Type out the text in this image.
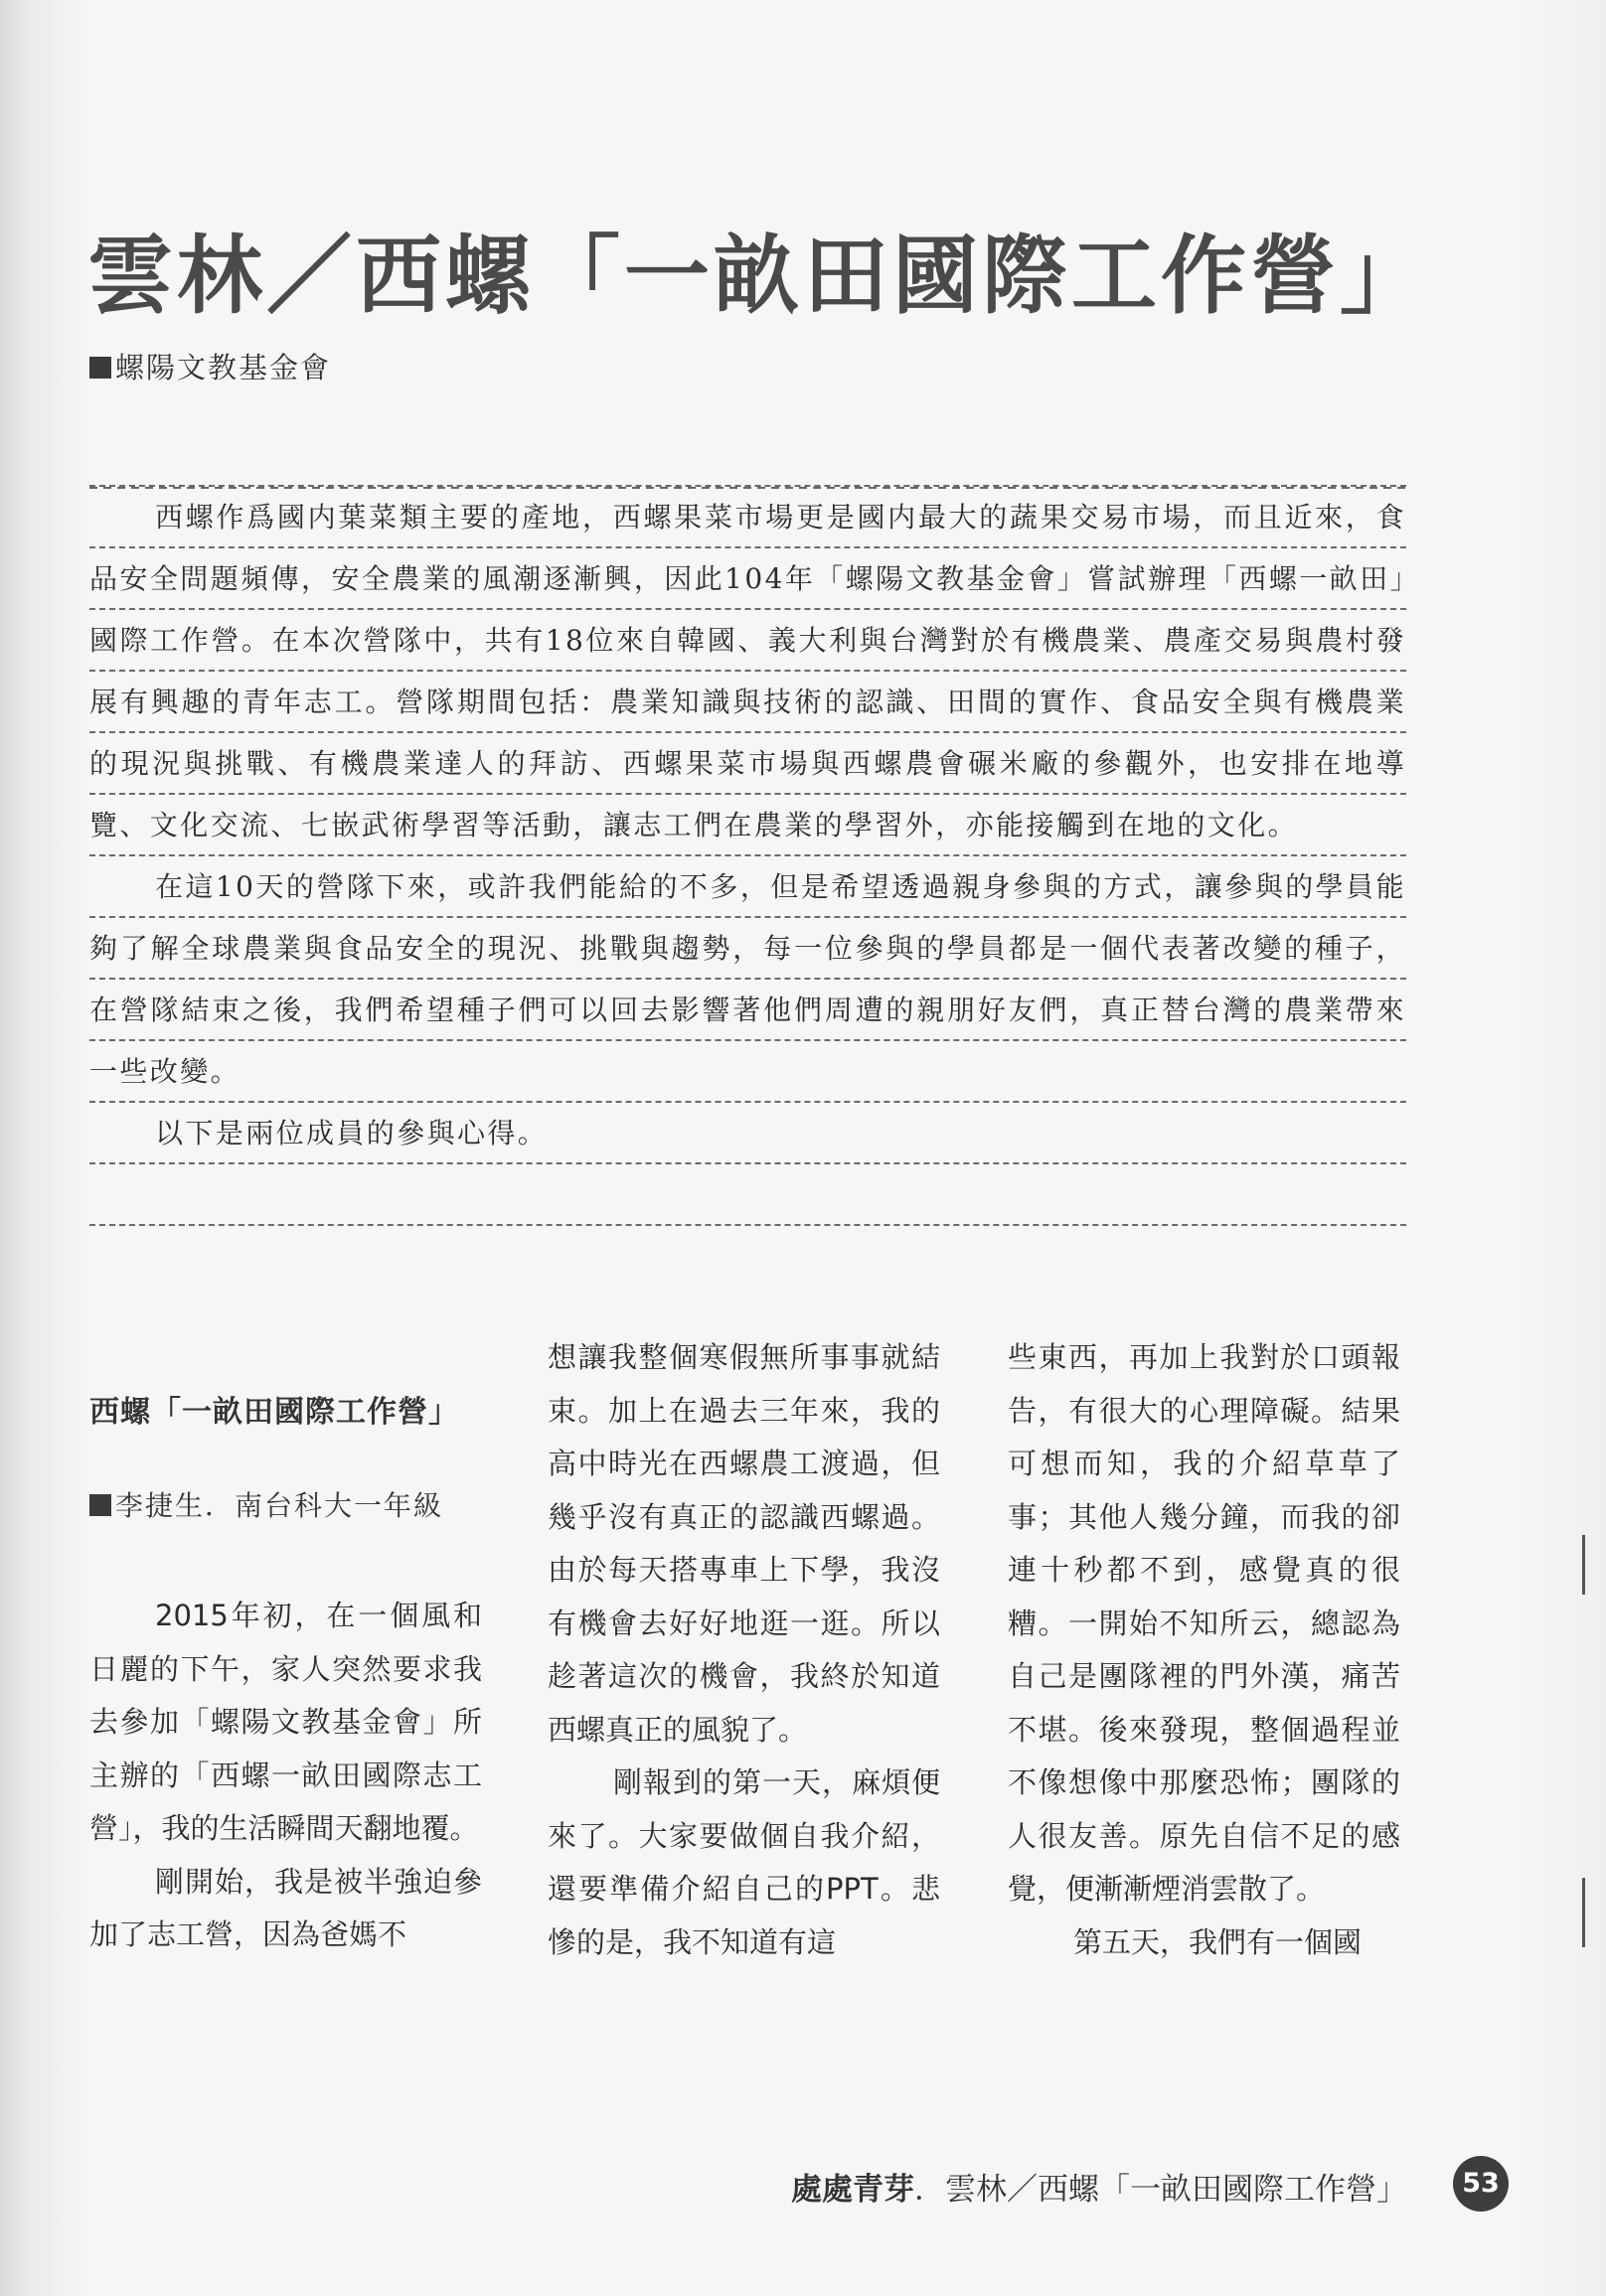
雲林／西螺「一畝田國際工作營」
螺陽文教基金會

西螺作爲國内葉菜類主要的產地，西螺果菜市場更是國内最大的蔬果交易市場，而且近來，食品安全問題頻傳，安全農業的風潮逐漸興，因此104年「螺陽文教基金會」嘗試辦理「西螺一畝田」國際工作營。在本次營隊中，共有18位來自韓國、義大利與台灣對於有機農業、農產交易與農村發展有興趣的青年志工。營隊期間包括：農業知識與技術的認識、田間的實作、食品安全與有機農業的現況與挑戰、有機農業達人的拜訪、西螺果菜市場與西螺農會碾米廠的參觀外，也安排在地導覽、文化交流、七嵌武術學習等活動，讓志工們在農業的學習外，亦能接觸到在地的文化。

在這10天的營隊下來，或許我們能給的不多，但是希望透過親身參與的方式，讓參與的學員能夠了解全球農業與食品安全的現況、挑戰與趨勢，每一位參與的學員都是一個代表著改變的種子，在營隊結束之後，我們希望種子們可以回去影響著他們周遭的親朋好友們，真正替台灣的農業帶來一些改變。

以下是兩位成員的參與心得。

西螺「一畝田國際工作營」
李捷生．南台科大一年級

2015年初，在一個風和日麗的下午，家人突然要求我去參加「螺陽文教基金會」所主辦的「西螺一畝田國際志工營」，我的生活瞬間天翻地覆。

剛開始，我是被半強迫參加了志工營，因為爸媽不

想讓我整個寒假無所事事就結束。加上在過去三年來，我的高中時光在西螺農工渡過，但幾乎沒有真正的認識西螺過。由於每天搭專車上下學，我沒有機會去好好地逛一逛。所以趁著這次的機會，我終於知道西螺真正的風貌了。

剛報到的第一天，麻煩便來了。大家要做個自我介紹，還要準備介紹自己的PPT。悲慘的是，我不知道有這

些東西，再加上我對於口頭報告，有很大的心理障礙。結果可想而知，我的介紹草草了事；其他人幾分鐘，而我的卻連十秒都不到，感覺真的很糟。一開始不知所云，總認為自己是團隊裡的門外漢，痛苦不堪。後來發現，整個過程並不像想像中那麼恐怖；團隊的人很友善。原先自信不足的感覺，便漸漸煙消雲散了。

第五天，我們有一個國

處處青芽．雲林／西螺「一畝田國際工作營」	53
